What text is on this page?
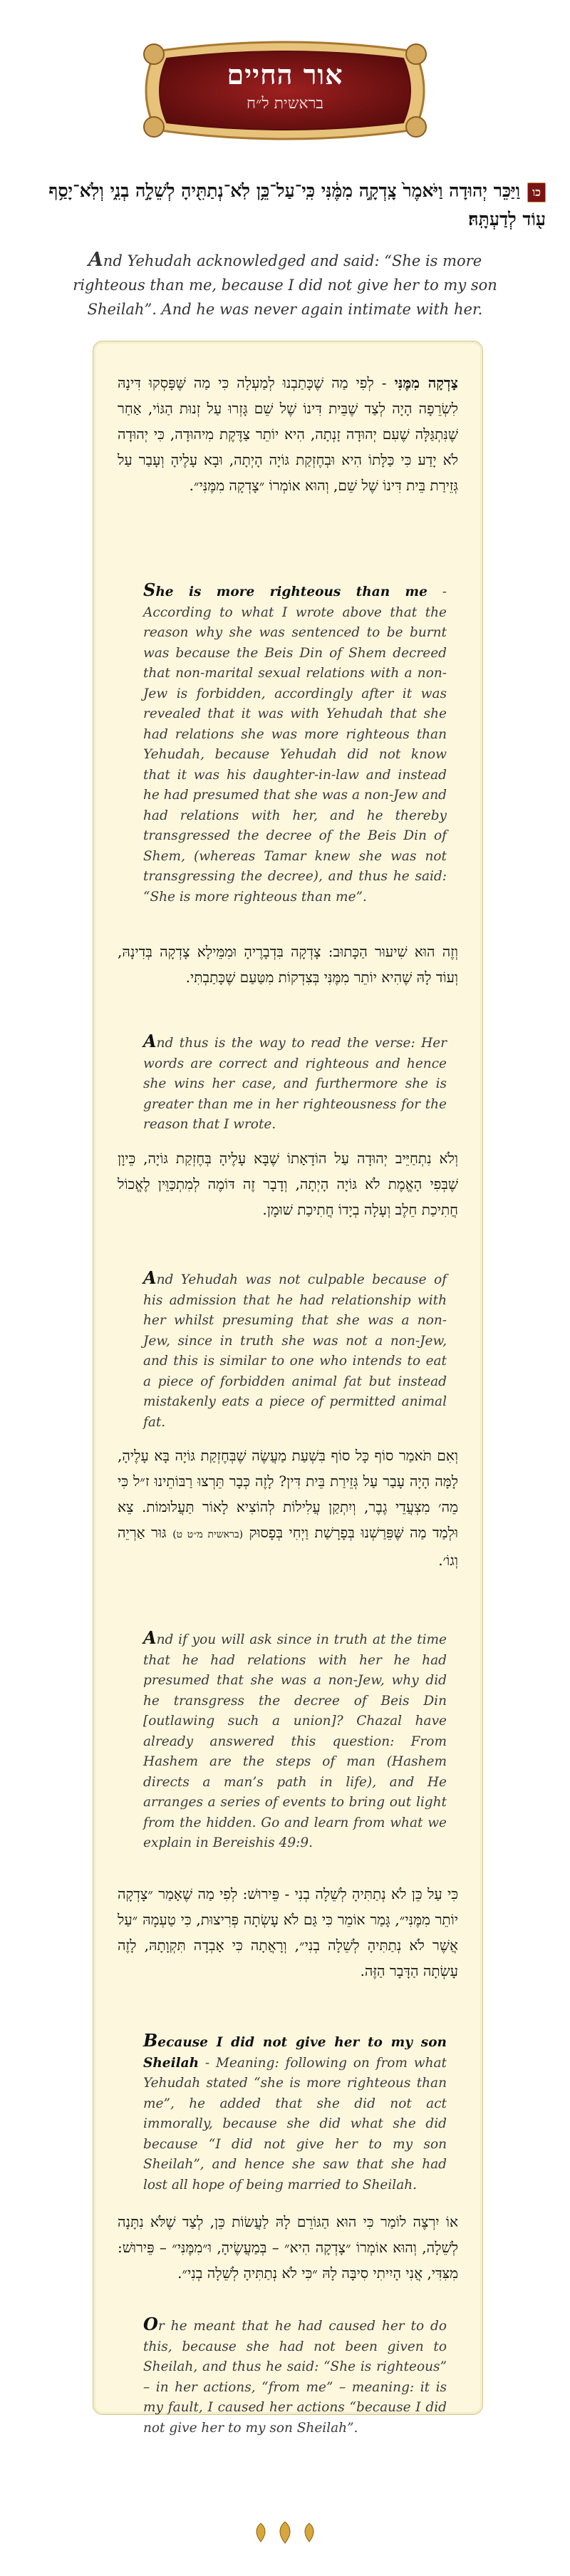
אור החיים
בראשית ל״ח
כווַיַּכֵּר יְהוּדָה וַיֹּאמֶר֙ צָֽדְקָ֣ה מִמֶּ֔נִּי כִּֽי־עַל־כֵּ֥ן לֹֽא־נְתַתִּ֖יהָ לְשֵׁלָ֣ה בְנִ֑י וְלֹֽא־יָסַ֥ף ע֖וֹד לְדַעְתָּֽהּ׃
And Yehudah acknowledged and said: “She is more righteous than me, because I did not give her to my son Sheilah”. And he was never again intimate with her.
צָדְקָה מִמֶּנִּי - לְפִי מַה שֶׁכָּתַבְנוּ לְמַעְלָה כִּי מַה שֶּׁפָּסְקוּ דִּינָהּ לִשְׂרֵפָה הָיָה לְצַד שֶׁבֵּית דִּינוֹ שֶׁל שֵׁם גָּזְרוּ עַל זְנוּת הַגּוֹי, אַחַר שֶׁנִּתְגַּלָּה שֶׁעִם יְהוּדָה זָנְתָה, הִיא יוֹתֵר צַדֶּקֶת מִיהוּדָה, כִּי יְהוּדָה לֹא יָדַע כִּי כַּלָּתוֹ הִיא וּבְחֶזְקַת גּוֹיָה הָיְתָה, וּבָא עָלֶיהָ וְעָבַר עַל גְּזֵירַת בֵּית דִּינוֹ שֶׁל שֵׁם, וְהוּא אוֹמְרוֹ ״צָדְקָה מִמֶּנִּי״.
She is more righteous than me - According to what I wrote above that the reason why she was sentenced to be burnt was because the Beis Din of Shem decreed that non-marital sexual relations with a non-Jew is forbidden, accordingly after it was revealed that it was with Yehudah that she had relations she was more righteous than Yehudah, because Yehudah did not know that it was his daughter-in-law and instead he had presumed that she was a non-Jew and had relations with her, and he thereby transgressed the decree of the Beis Din of Shem, (whereas Tamar knew she was not transgressing the decree), and thus he said: “She is more righteous than me”.
וְזֶה הוּא שִׁיעוּר הַכָּתוּב: צָדְקָה בִּדְבָרֶיהָ וּמִמֵּילָא צָדְקָה בְּדִינָהּ, וְעוֹד לָהּ שֶׁהִיא יוֹתֵר מִמֶּנִּי בְּצִדְקוֹת מִטַּעַם שֶׁכָּתַבְתִּי.
And thus is the way to read the verse: Her words are correct and righteous and hence she wins her case, and furthermore she is greater than me in her righteousness for the reason that I wrote.
וְלֹא נִתְחַיֵּיב יְהוּדָה עַל הוֹדָאָתוֹ שֶׁבָּא עָלֶיהָ בְּחֶזְקַת גּוֹיָה, כֵּיוָן שֶׁבְּפִי הָאֱמֶת לֹא גּוֹיָה הָיְתָה, וְדָבָר זֶה דּוֹמֶה לְמִתְכַּוֵּין לֶאֱכוֹל חֲתִיכַת חֵלֶב וְעָלָה בְיָדוֹ חֲתִיכַת שׁוּמָן.
And Yehudah was not culpable because of his admission that he had relationship with her whilst presuming that she was a non-Jew, since in truth she was not a non-Jew, and this is similar to one who intends to eat a piece of forbidden animal fat but instead mistakenly eats a piece of permitted animal fat.
וְאִם תֹּאמַר סוֹף כָּל סוֹף בִּשְׁעַת מַעֲשֶׂה שֶׁבְּחֶזְקַת גּוֹיָה בָּא עָלֶיהָ, לָמָּה הָיָה עָבַר עַל גְּזֵירַת בֵּית דִּין? לָזֶה כְּבָר תֵּרְצוּ רַבּוֹתֵינוּ ז״ל כִּי מֵה׳ מִצְעֲדֵי גֶבֶר, וְיִתְקַן עֲלִילוֹת לְהוֹצִיא לָאוֹר תַּעֲלוּמוֹת. צֵא וּלְמַד מַה שֶּׁפֵּרַשְׁנוּ בְּפָרָשַׁת וַיְחִי בְּפָסוּק (בראשית מ״ט ט) גּוּר אַרְיֵה וְגוֹ׳.
And if you will ask since in truth at the time that he had relations with her he had presumed that she was a non-Jew, why did he transgress the decree of Beis Din [outlawing such a union]? Chazal have already answered this question: From Hashem are the steps of man (Hashem directs a man’s path in life), and He arranges a series of events to bring out light from the hidden. Go and learn from what we explain in Bereishis 49:9.
כִּי עַל כֵּן לֹא נְתַתִּיהָ לְשֵׁלָה בְנִי - פֵּירוּשׁ: לְפִי מַה שֶׁאָמַר ״צָדְקָה יוֹתֵר מִמֶּנִּי״, גָּמַר אוֹמֵר כִּי גַּם לֹא עָשְׂתָה פְּרִיצוּת, כִּי טַעְמָהּ ״עַל אֲשֶׁר לֹא נְתַתִּיהָ לְשֵׁלָה בְנִי״, וְרָאֲתָה כִּי אָבְדָה תִּקְוָתָהּ, לָזֶה עָשְׂתָה הַדָּבָר הַזֶּה.
Because I did not give her to my son Sheilah - Meaning: following on from what Yehudah stated “she is more righteous than me”, he added that she did not act immorally, because she did what she did because “I did not give her to my son Sheilah”, and hence she saw that she had lost all hope of being married to Sheilah.
אוֹ יִרְצֶה לוֹמַר כִּי הוּא הַגּוֹרֵם לָהּ לַעֲשׂוֹת כֵּן, לְצַד שֶׁלֹּא נִתָּנָה לְשֵׁלָה, וְהוּא אוֹמְרוֹ ״צָדְקָה הִיא״ – בְּמַעֲשֶׂיהָ, וּ״מִמֶּנִּי״ – פֵּירוּשׁ: מִצִּדִּי, אֲנִי הָיִיתִי סִיבָּה לָהּ ״כִּי לֹא נְתַתִּיהָ לְשֵׁלָה בְנִי״.
Or he meant that he had caused her to do this, because she had not been given to Sheilah, and thus he said: “She is righteous” – in her actions, “from me” – meaning: it is my fault, I caused her actions “because I did not give her to my son Sheilah”.
